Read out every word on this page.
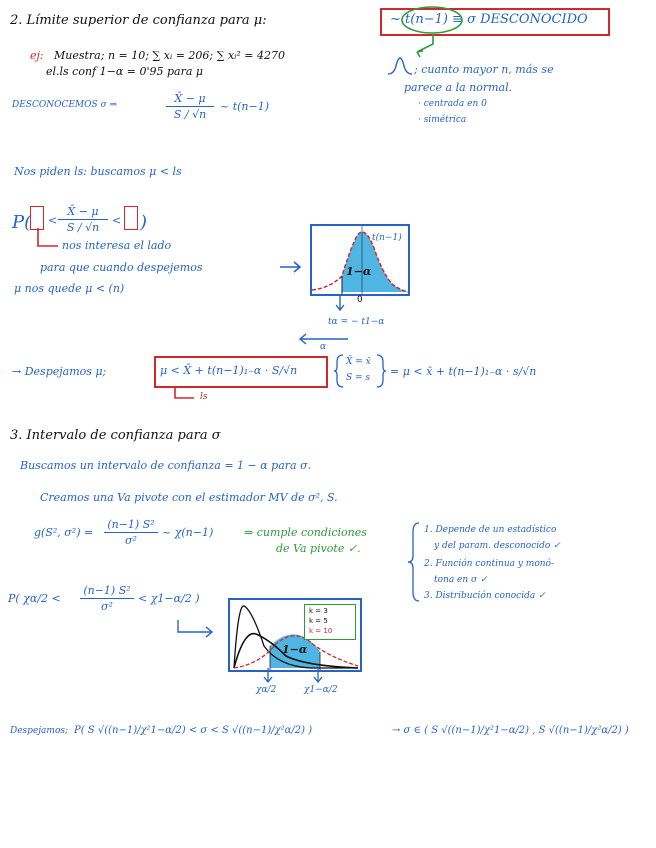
2. Límite superior de confianza para μ:	~ t(n−1) ≡ σ DESCONOCIDO
; cuanto mayor n, más se
parece a la normal.
· centrada en 0
· simétrica
ej: Muestra; n = 10; ∑ xᵢ = 206; ∑ xᵢ² = 4270
el.ls conf 1−α = 0'95 para μ
DESCONOCEMOS σ ⇒	$\frac{X̄ - \mu}{S / √n}$ ~ t(n−1)
Nos piden ls: buscamos μ < ls
$P( < \frac{X̄ - \mu}{S / √n}$ < )
nos interesa el lado
para que cuando despejemos
μ nos quede μ < (n)
t(n−1)
1−α
0
tα = − t1−α
α
→ Despejamos μ;	μ < X̄ + t(n−1)₁₋α · S/√n
ls
X̄ = x̄
S = s = μ < x̄ + t(n−1)₁₋α · s/√n
3. Intervalo de confianza para σ
Buscamos un intervalo de confianza = 1 − α para σ.
Creamos una Va pivote con el estimador MV de σ², S.
g(S², $\sigma^2) = \frac{\text{(n−1) S²}}{\text{σ²}}$ ~ χ(n−1)	⇒ cumple condiciones
de Va pivote ✓.
1. Depende de un estadístico
y del param. desconocido ✓
2. Función continua y monó-
tona en σ ✓
3. Distribución conocida ✓
P( $\chi\alpha/2 < \frac{\text{(n−1) S²}}{\text{σ²}} < \chi 1-\alpha/2$ )
k = 3
k = 5
k = 10
1−α
χα/2	χ1−α/2
Despejamos; P( S √((n−1)/χ²1−α/2) < σ < S √((n−1)/χ²α/2) )	→ σ ∈ ( S √((n−1)/χ²1−α/2) , S √((n−1)/χ²α/2) )
